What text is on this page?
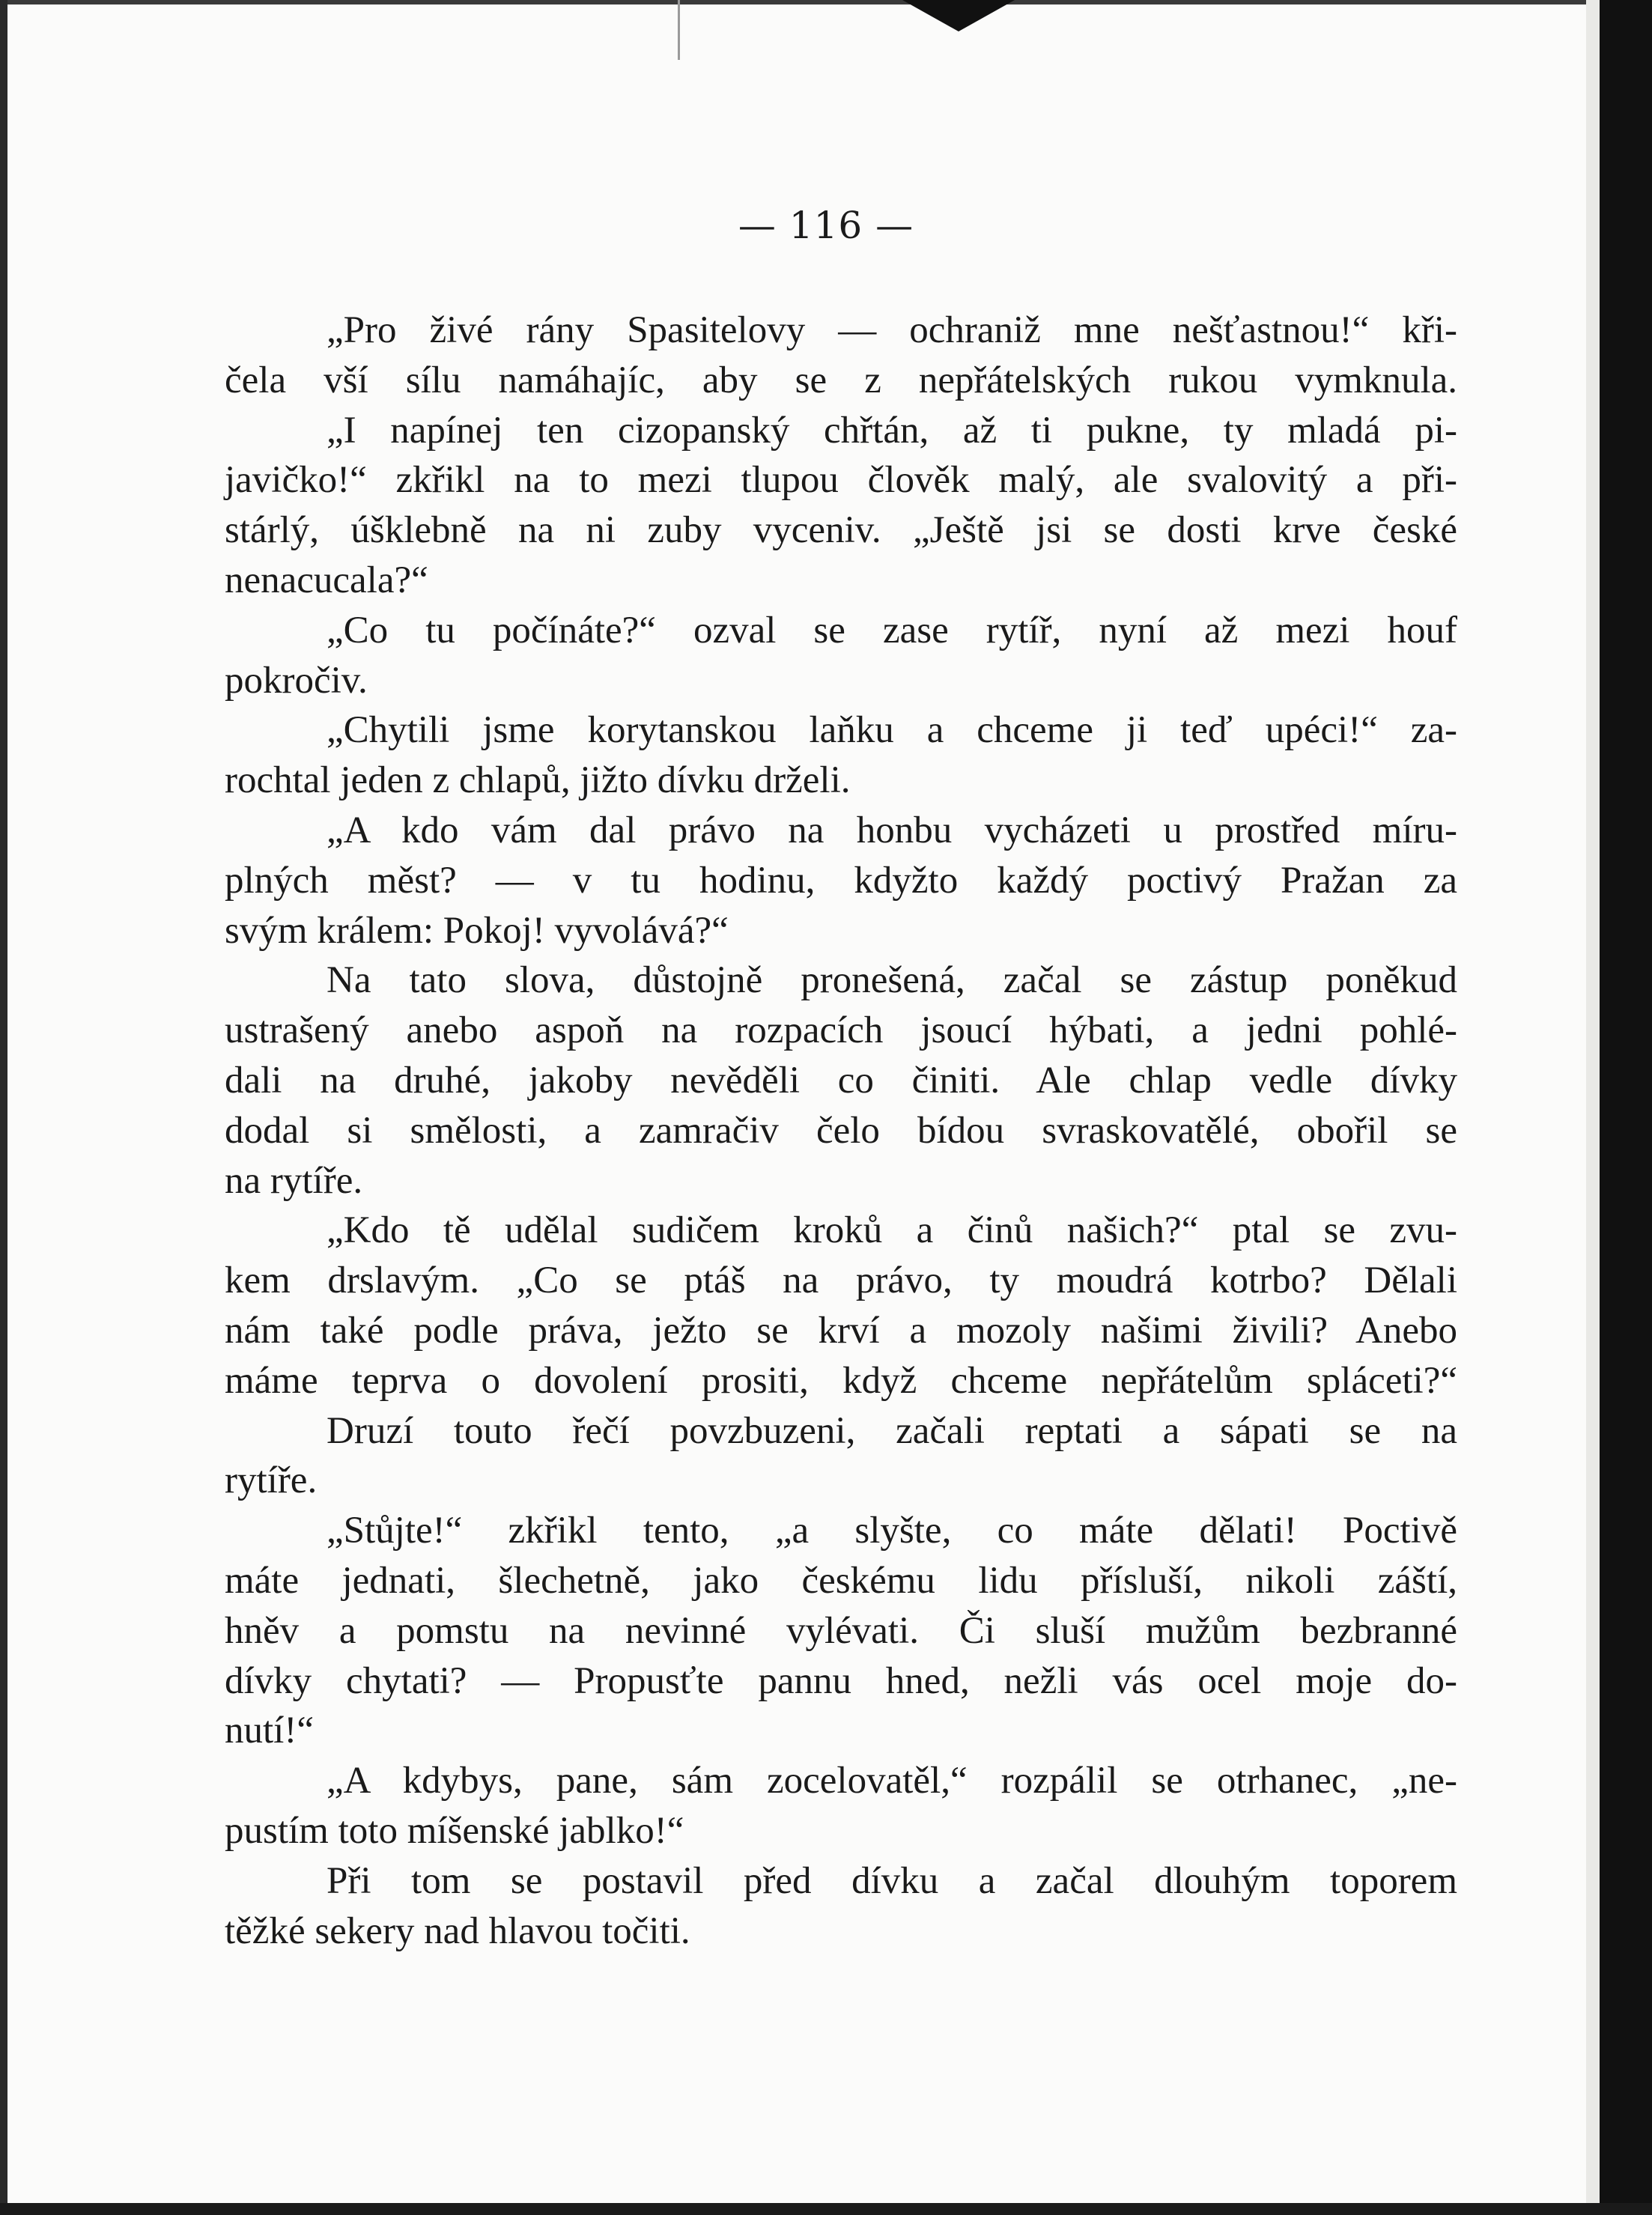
— 116 —
„Pro živé rány Spasitelovy — ochraniž mne nešťastnou!“ kři-
čela vší sílu namáhajíc, aby se z nepřátelských rukou vymknula.
„I napínej ten cizopanský chřtán, až ti pukne, ty mladá pi-
javičko!“ zkřikl na to mezi tlupou člověk malý, ale svalovitý a při-
stárlý, úšklebně na ni zuby vyceniv. „Ještě jsi se dosti krve české
nenacucala?“
„Co tu počínáte?“ ozval se zase rytíř, nyní až mezi houf
pokročiv.
„Chytili jsme korytanskou laňku a chceme ji teď upéci!“ za-
rochtal jeden z chlapů, jižto dívku drželi.
„A kdo vám dal právo na honbu vycházeti u prostřed míru-
plných měst? — v tu hodinu, kdyžto každý poctivý Pražan za
svým králem: Pokoj! vyvolává?“
Na tato slova, důstojně pronešená, začal se zástup poněkud
ustrašený anebo aspoň na rozpacích jsoucí hýbati, a jedni pohlé-
dali na druhé, jakoby nevěděli co činiti. Ale chlap vedle dívky
dodal si smělosti, a zamračiv čelo bídou svraskovatělé, obořil se
na rytíře.
„Kdo tě udělal sudičem kroků a činů našich?“ ptal se zvu-
kem drslavým. „Co se ptáš na právo, ty moudrá kotrbo? Dělali
nám také podle práva, ježto se krví a mozoly našimi živili? Anebo
máme teprva o dovolení prositi, když chceme nepřátelům spláceti?“
Druzí touto řečí povzbuzeni, začali reptati a sápati se na
rytíře.
„Stůjte!“ zkřikl tento, „a slyšte, co máte dělati! Poctivě
máte jednati, šlechetně, jako českému lidu přísluší, nikoli záští,
hněv a pomstu na nevinné vylévati. Či sluší mužům bezbranné
dívky chytati? — Propusťte pannu hned, nežli vás ocel moje do-
nutí!“
„A kdybys, pane, sám zocelovatěl,“ rozpálil se otrhanec, „ne-
pustím toto míšenské jablko!“
Při tom se postavil před dívku a začal dlouhým toporem
těžké sekery nad hlavou točiti.
